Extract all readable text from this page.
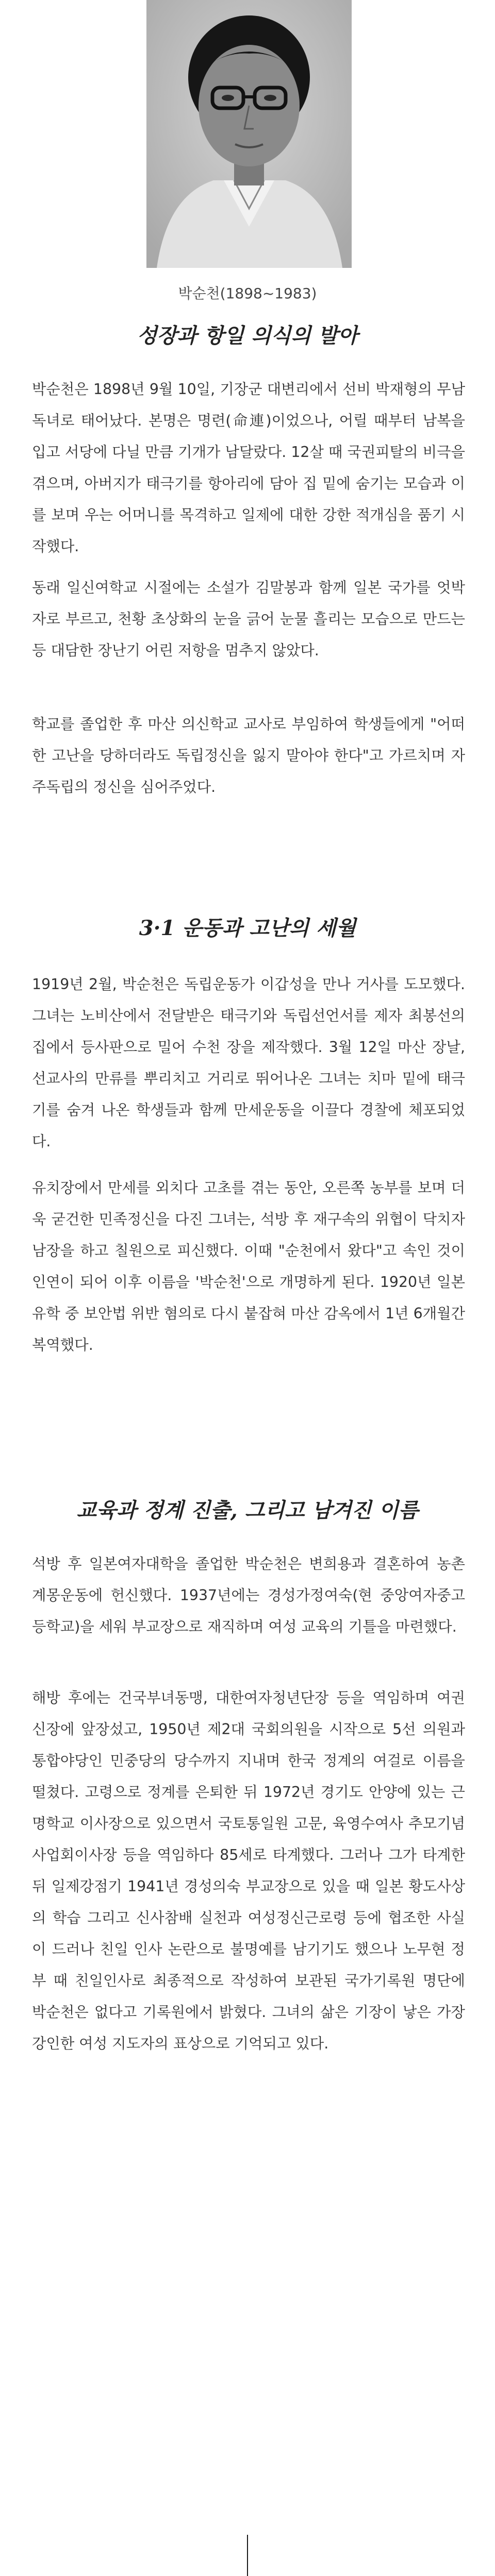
박순천(1898~1983)
성장과 항일 의식의 발아

박순천은 1898년 9월 10일, 기장군 대변리에서 선비 박재형의 무남독녀로 태어났다. 본명은 명련(命連)이었으나, 어릴 때부터 남복을 입고 서당에 다닐 만큼 기개가 남달랐다. 12살 때 국권피탈의 비극을 겪으며, 아버지가 태극기를 항아리에 담아 집 밑에 숨기는 모습과 이를 보며 우는 어머니를 목격하고 일제에 대한 강한 적개심을 품기 시작했다.

동래 일신여학교 시절에는 소설가 김말봉과 함께 일본 국가를 엇박자로 부르고, 천황 초상화의 눈을 긁어 눈물 흘리는 모습으로 만드는 등 대담한 장난기 어린 저항을 멈추지 않았다.

학교를 졸업한 후 마산 의신학교 교사로 부임하여 학생들에게 "어떠한 고난을 당하더라도 독립정신을 잃지 말아야 한다"고 가르치며 자주독립의 정신을 심어주었다.

3·1 운동과 고난의 세월

1919년 2월, 박순천은 독립운동가 이갑성을 만나 거사를 도모했다. 그녀는 노비산에서 전달받은 태극기와 독립선언서를 제자 최봉선의 집에서 등사판으로 밀어 수천 장을 제작했다. 3월 12일 마산 장날, 선교사의 만류를 뿌리치고 거리로 뛰어나온 그녀는 치마 밑에 태극기를 숨겨 나온 학생들과 함께 만세운동을 이끌다 경찰에 체포되었다.

유치장에서 만세를 외치다 고초를 겪는 동안, 오른쪽 농부를 보며 더욱 굳건한 민족정신을 다진 그녀는, 석방 후 재구속의 위협이 닥치자 남장을 하고 칠원으로 피신했다. 이때 "순천에서 왔다"고 속인 것이 인연이 되어 이후 이름을 '박순천'으로 개명하게 된다. 1920년 일본 유학 중 보안법 위반 혐의로 다시 붙잡혀 마산 감옥에서 1년 6개월간 복역했다.

교육과 정계 진출, 그리고 남겨진 이름

석방 후 일본여자대학을 졸업한 박순천은 변희용과 결혼하여 농촌 계몽운동에 헌신했다. 1937년에는 경성가정여숙(현 중앙여자중고등학교)을 세워 부교장으로 재직하며 여성 교육의 기틀을 마련했다.

해방 후에는 건국부녀동맹, 대한여자청년단장 등을 역임하며 여권 신장에 앞장섰고, 1950년 제2대 국회의원을 시작으로 5선 의원과 통합야당인 민중당의 당수까지 지내며 한국 정계의 여걸로 이름을 떨쳤다. 고령으로 정계를 은퇴한 뒤 1972년 경기도 안양에 있는 근명학교 이사장으로 있으면서 국토통일원 고문, 육영수여사 추모기념사업회이사장 등을 역임하다 85세로 타계했다. 그러나 그가 타계한 뒤 일제강점기 1941년 경성의숙 부교장으로 있을 때 일본 황도사상의 학습 그리고 신사참배 실천과 여성정신근로령 등에 협조한 사실이 드러나 친일 인사 논란으로 불명예를 남기기도 했으나 노무현 정부 때 친일인사로 최종적으로 작성하여 보관된 국가기록원 명단에 박순천은 없다고 기록원에서 밝혔다. 그녀의 삶은 기장이 낳은 가장 강인한 여성 지도자의 표상으로 기억되고 있다.
